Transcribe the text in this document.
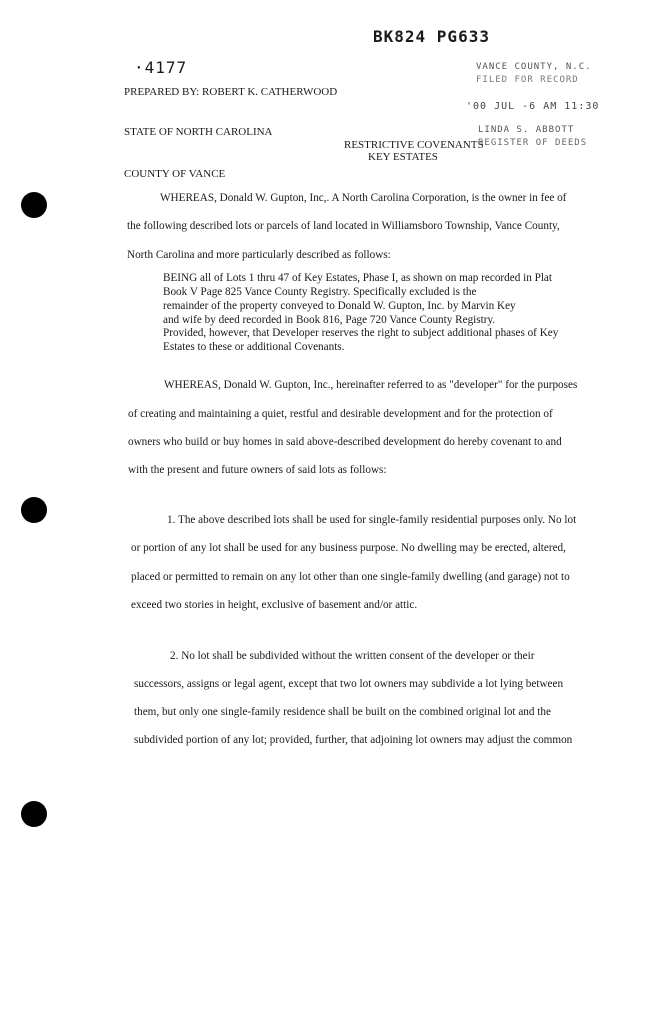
BK824 PG633
·4177
PREPARED BY: ROBERT K. CATHERWOOD
STATE OF NORTH CAROLINA
RESTRICTIVE COVENANTS
KEY ESTATES
COUNTY OF VANCE
VANCE COUNTY, N.C.
FILED FOR RECORD
'00 JUL -6 AM 11:30
LINDA S. ABBOTT
REGISTER OF DEEDS
WHEREAS, Donald W. Gupton, Inc,. A North Carolina Corporation, is the owner in fee of
the following described lots or parcels of land located in Williamsboro Township, Vance County,
North Carolina and more particularly described as follows:
BEING all of Lots 1 thru 47 of Key Estates, Phase I, as shown on map recorded in Plat
Book V Page 825 Vance County Registry. Specifically excluded is the
remainder of the property conveyed to Donald W. Gupton, Inc. by Marvin Key
and wife by deed recorded in Book 816, Page 720 Vance County Registry.
Provided, however, that Developer reserves the right to subject additional phases of Key
Estates to these or additional Covenants.
WHEREAS, Donald W. Gupton, Inc., hereinafter referred to as "developer" for the purposes
of creating and maintaining a quiet, restful and desirable development and for the protection of
owners who build or buy homes in said above-described development do hereby covenant to and
with the present and future owners of said lots as follows:
1. The above described lots shall be used for single-family residential purposes only. No lot
or portion of any lot shall be used for any business purpose. No dwelling may be erected, altered,
placed or permitted to remain on any lot other than one single-family dwelling (and garage) not to
exceed two stories in height, exclusive of basement and/or attic.
2. No lot shall be subdivided without the written consent of the developer or their
successors, assigns or legal agent, except that two lot owners may subdivide a lot lying between
them, but only one single-family residence shall be built on the combined original lot and the
subdivided portion of any lot; provided, further, that adjoining lot owners may adjust the common
